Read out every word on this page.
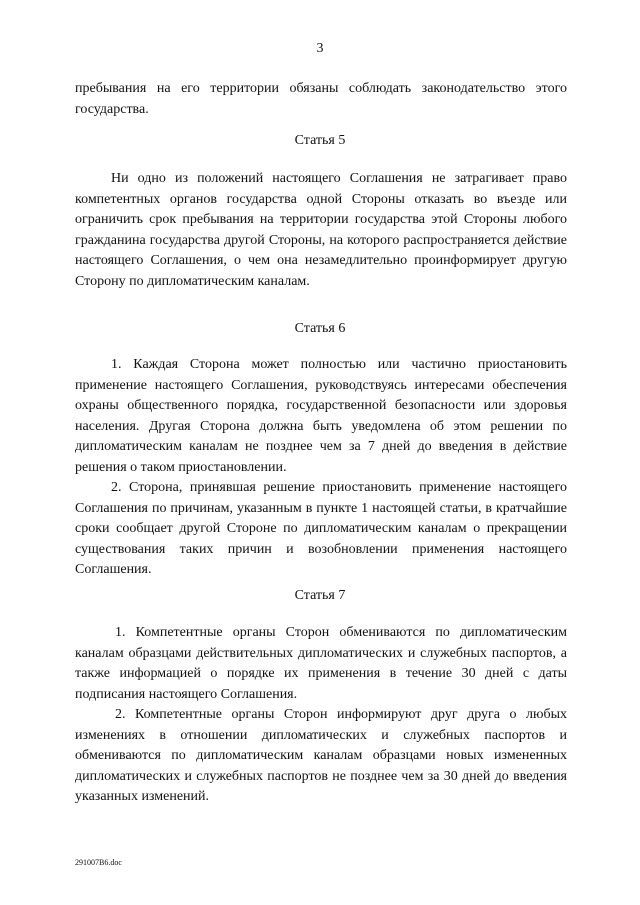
3

пребывания на его территории обязаны соблюдать законодательство этого государства.

Статья 5

Ни одно из положений настоящего Соглашения не затрагивает право компетентных органов государства одной Стороны отказать во въезде или ограничить срок пребывания на территории государства этой Стороны любого гражданина государства другой Стороны, на которого распространяется действие настоящего Соглашения, о чем она незамедлительно проинформирует другую Сторону по дипломатическим каналам.

Статья 6

1. Каждая Сторона может полностью или частично приостановить применение настоящего Соглашения, руководствуясь интересами обеспечения охраны общественного порядка, государственной безопасности или здоровья населения. Другая Сторона должна быть уведомлена об этом решении по дипломатическим каналам не позднее чем за 7 дней до введения в действие решения о таком приостановлении.

2. Сторона, принявшая решение приостановить применение настоящего Соглашения по причинам, указанным в пункте 1 настоящей статьи, в кратчайшие сроки сообщает другой Стороне по дипломатическим каналам о прекращении существования таких причин и возобновлении применения настоящего Соглашения.

Статья 7

1. Компетентные органы Сторон обмениваются по дипломатическим каналам образцами действительных дипломатических и служебных паспортов, а также информацией о порядке их применения в течение 30 дней с даты подписания настоящего Соглашения.

2. Компетентные органы Сторон информируют друг друга о любых изменениях в отношении дипломатических и служебных паспортов и обмениваются по дипломатическим каналам образцами новых измененных дипломатических и служебных паспортов не позднее чем за 30 дней до введения указанных изменений.

291007B6.doc
